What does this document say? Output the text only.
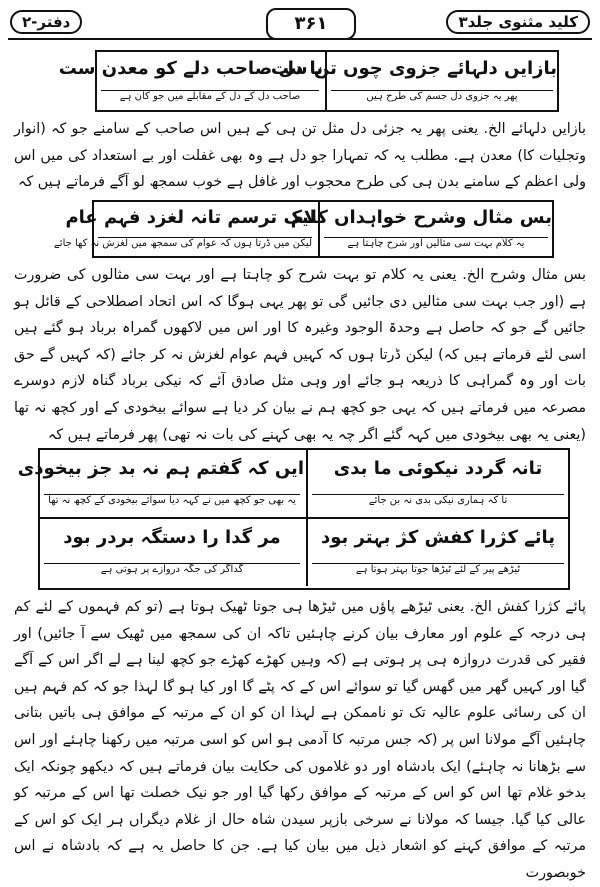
دفتر-۲	۳۶۱	کلید مثنوی جلد۳
بازایں دلہائے جزوی چوں تن ست
پھر یہ جزوی دل جسم کی طرح ہیں
با دل صاحب دلے کو معدن ست
صاحب دل کے دل کے مقابلے میں جو کان ہے

بازایں دلہائے الخ. یعنی پھر یہ جزئی دل مثل تن ہی کے ہیں اس صاحب کے سامنے جو کہ (انوار وتجلیات کا) معدن ہے. مطلب یہ کہ تمہارا جو دل ہے وہ بھی غفلت اور بے استعداد کی میں اس ولی اعظم کے سامنے بدن ہی کی طرح محجوب اور غافل ہے خوب سمجھ لو آگے فرماتے ہیں کہ

بس مثال وشرح خواہداں کلام
یہ کلام بہت سی مثالیں اور شرح چاہتا ہے
لیک ترسم تانہ لغزد فہم عام
لیکن میں ڈرتا ہوں کہ عوام کی سمجھ میں لغزش نہ کھا جائے

بس مثال وشرح الخ. یعنی یہ کلام تو بہت شرح کو چاہتا ہے اور بہت سی مثالوں کی ضرورت ہے (اور جب بہت سی مثالیں دی جائیں گی تو پھر یہی ہوگا کہ اس اتحاد اصطلاحی کے قائل ہو جائیں گے جو کہ حاصل ہے وحدۃ الوجود وغیرہ کا اور اس میں لاکھوں گمراہ برباد ہو گئے ہیں اسی لئے فرماتے ہیں کہ) لیکن ڈرتا ہوں کہ کہیں فہم عوام لغزش نہ کر جائے (کہ کہیں گے حق بات اور وہ گمراہی کا ذریعہ ہو جائے اور وہی مثل صادق آئے کہ نیکی برباد گناہ لازم دوسرے مصرعہ میں فرماتے ہیں کہ یہی جو کچھ ہم نے بیان کر دیا ہے سوائے بیخودی کے اور کچھ نہ تھا (یعنی یہ بھی بیخودی میں کہہ گئے اگر چہ یہ بھی کہنے کی بات نہ تھی) پھر فرماتے ہیں کہ

تانہ گردد نیکوئی ما بدی
تا کہ ہماری نیکی بدی نہ بن جائے
ایں کہ گفتم ہم نہ بد جز بیخودی
یہ بھی جو کچھ میں نے کہہ دیا سوائے بیخودی کے کچھ نہ تھا
پائے کژرا کفش کژ بہتر بود
ٹیڑھے پیر کے لئے ٹیڑھا جوتا بہتر ہوتا ہے
مر گدا را دستگہ بردر بود
گداگر کی جگہ دروازے پر ہوتی ہے

پائے کژرا کفش الخ. یعنی ٹیڑھے پاؤں میں ٹیڑھا ہی جوتا ٹھیک ہوتا ہے (تو کم فہموں کے لئے کم ہی درجہ کے علوم اور معارف بیان کرنے چاہئیں تاکہ ان کی سمجھ میں ٹھیک سے آ جائیں) اور فقیر کی قدرت دروازہ ہی پر ہوتی ہے (کہ وہیں کھڑے کھڑے جو کچھ لینا ہے لے اگر اس کے آگے گیا اور کہیں گھر میں گھس گیا تو سوائے اس کے کہ پٹے گا اور کیا ہو گا لہذا جو کہ کم فہم ہیں ان کی رسائی علوم عالیہ تک تو ناممکن ہے لہذا ان کو ان کے مرتبہ کے موافق ہی باتیں بتانی چاہئیں آگے مولانا اس پر (کہ جس مرتبہ کا آدمی ہو اس کو اسی مرتبہ میں رکھنا چاہئے اور اس سے بڑھانا نہ چاہئے) ایک بادشاہ اور دو غلاموں کی حکایت بیان فرماتے ہیں کہ دیکھو چونکہ ایک بدخو غلام تھا اس کو اس کے مرتبہ کے موافق رکھا گیا اور جو نیک خصلت تھا اس کے مرتبہ کو عالی کیا گیا. جیسا کہ مولانا نے سرخی بازپر سیدن شاہ حال از غلام دیگراں ہر ایک کو اس کے مرتبہ کے موافق کہنے کو اشعار ذیل میں بیان کیا ہے. جن کا حاصل یہ ہے کہ بادشاہ نے اس خوبصورت
